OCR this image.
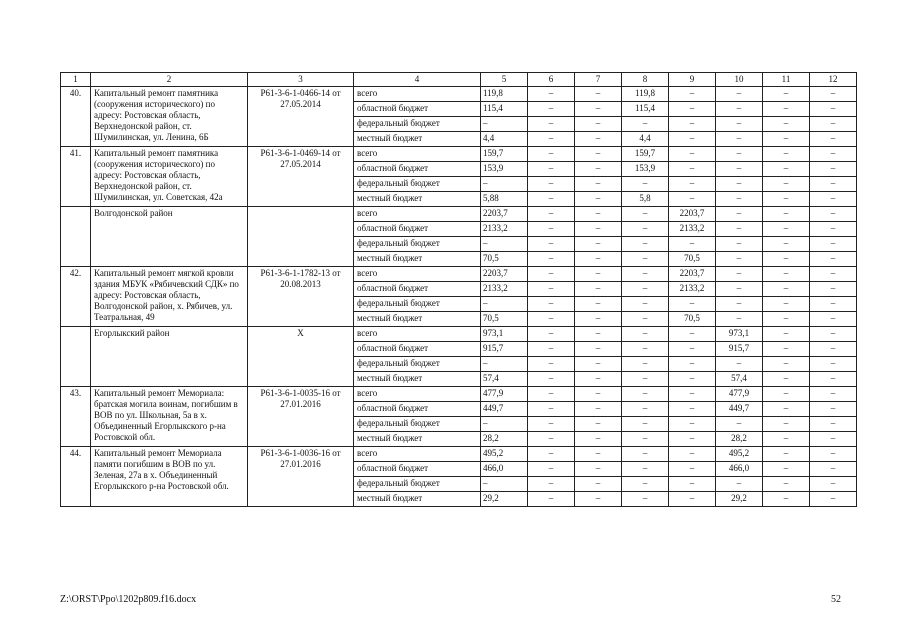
1	2	3	4	5	6	7	8	9	10	11	12
40.	Капитальный ремонт памятника (сооружения исторического) по адресу: Ростовская область, Верхнедонской район, ст. Шумилинская, ул. Ленина, 6Б	Р61-3-6-1-0466-14 от 27.05.2014	всего	119,8	–	–	119,8	–	–	–	–
			областной бюджет	115,4	–	–	115,4	–	–	–	–
			федеральный бюджет	–	–	–	–	–	–	–	–
			местный бюджет	4,4	–	–	4,4	–	–	–	–
41.	Капитальный ремонт памятника (сооружения исторического) по адресу: Ростовская область, Верхнедонской район, ст. Шумилинская, ул. Советская, 42а	Р61-3-6-1-0469-14 от 27.05.2014	всего	159,7	–	–	159,7	–	–	–	–
			областной бюджет	153,9	–	–	153,9	–	–	–	–
			федеральный бюджет	–	–	–	–	–	–	–	–
			местный бюджет	5,88	–	–	5,8	–	–	–	–
	Волгодонской район		всего	2203,7	–	–	–	2203,7	–	–	–
			областной бюджет	2133,2	–	–	–	2133,2	–	–	–
			федеральный бюджет	–	–	–	–	–	–	–	–
			местный бюджет	70,5	–	–	–	70,5	–	–	–
42.	Капитальный ремонт мягкой кровли здания МБУК «Рябичевский СДК» по адресу: Ростовская область, Волгодонской район, х. Рябичев, ул. Театральная, 49	Р61-3-6-1-1782-13 от 20.08.2013	всего	2203,7	–	–	–	2203,7	–	–	–
			областной бюджет	2133,2	–	–	–	2133,2	–	–	–
			федеральный бюджет	–	–	–	–	–	–	–	–
			местный бюджет	70,5	–	–	–	70,5	–	–	–
	Егорлыкский район	Х	всего	973,1	–	–	–	–	973,1	–	–
			областной бюджет	915,7	–	–	–	–	915,7	–	–
			федеральный бюджет	–	–	–	–	–	–	–	–
			местный бюджет	57,4	–	–	–	–	57,4	–	–
43.	Капитальный ремонт Мемориала: братская могила воинам, погибшим в ВОВ по ул. Школьная, 5а в х. Объединенный Егорлыкского р-на Ростовской обл.	Р61-3-6-1-0035-16 от 27.01.2016	всего	477,9	–	–	–	–	477,9	–	–
			областной бюджет	449,7	–	–	–	–	449,7	–	–
			федеральный бюджет	–	–	–	–	–	–	–	–
			местный бюджет	28,2	–	–	–	–	28,2	–	–
44.	Капитальный ремонт Мемориала памяти погибшим в ВОВ по ул. Зеленая, 27а в х. Объединенный Егорлыкского р-на Ростовской обл.	Р61-3-6-1-0036-16 от 27.01.2016	всего	495,2	–	–	–	–	495,2	–	–
			областной бюджет	466,0	–	–	–	–	466,0	–	–
			федеральный бюджет	–	–	–	–	–	–	–	–
			местный бюджет	29,2	–	–	–	–	29,2	–	–
Z:\ORST\Ppo\1202p809.f16.docx	52
